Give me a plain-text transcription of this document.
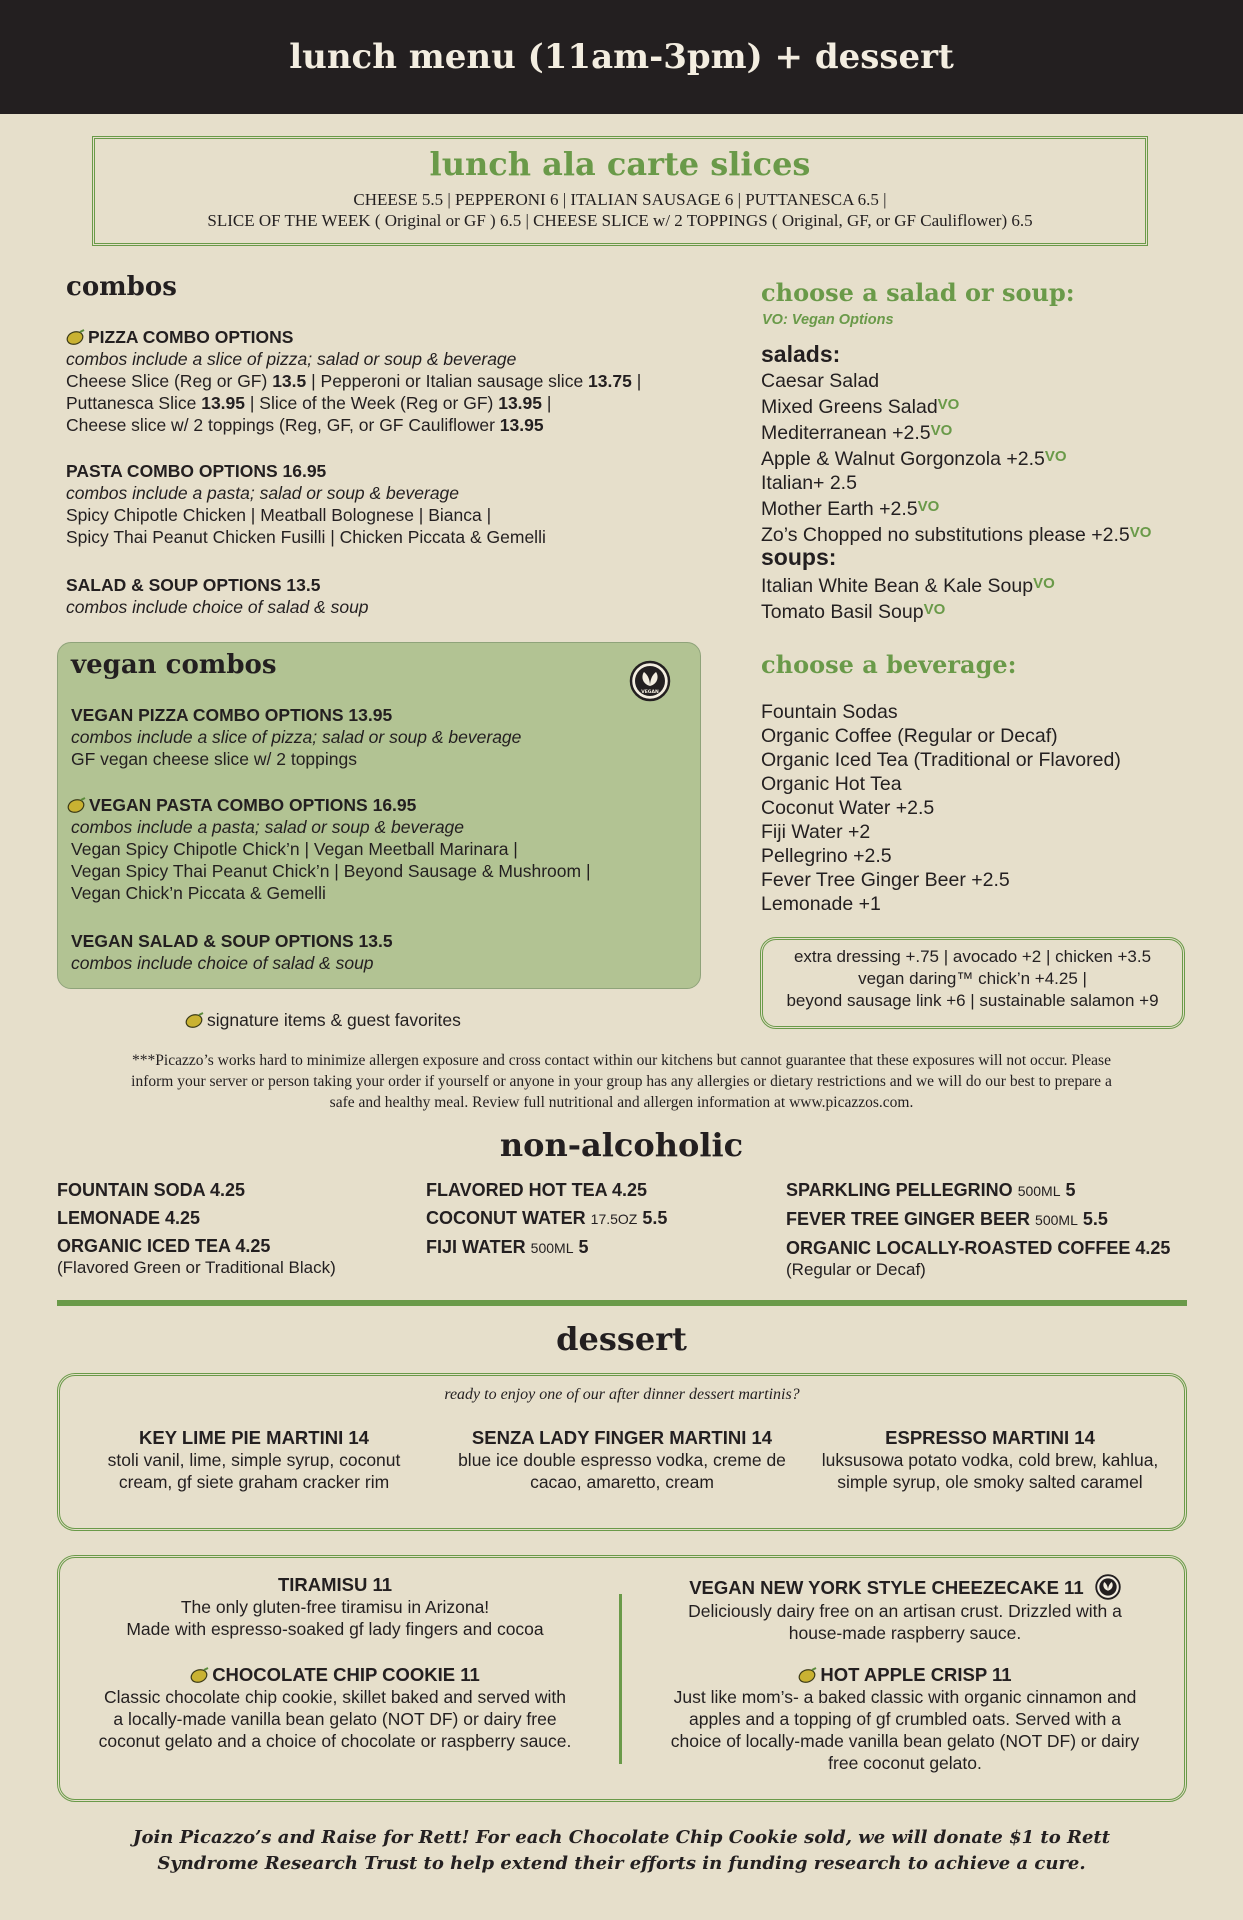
lunch menu (11am-3pm) + dessert
lunch ala carte slices
CHEESE 5.5 | PEPPERONI 6 | ITALIAN SAUSAGE 6 | PUTTANESCA 6.5 |
SLICE OF THE WEEK ( Original or GF ) 6.5 | CHEESE SLICE w/ 2 TOPPINGS ( Original, GF, or GF Cauliflower) 6.5
combos
PIZZA COMBO OPTIONS
combos include a slice of pizza; salad or soup & beverage
Cheese Slice (Reg or GF) 13.5 | Pepperoni or Italian sausage slice 13.75 |
Puttanesca Slice 13.95 | Slice of the Week (Reg or GF) 13.95 |
Cheese slice w/ 2 toppings (Reg, GF, or GF Cauliflower 13.95
PASTA COMBO OPTIONS 16.95
combos include a pasta; salad or soup & beverage
Spicy Chipotle Chicken | Meatball Bolognese | Bianca |
Spicy Thai Peanut Chicken Fusilli | Chicken Piccata & Gemelli
SALAD & SOUP OPTIONS 13.5
combos include choice of salad & soup
vegan combos
VEGAN
VEGAN PIZZA COMBO OPTIONS 13.95
combos include a slice of pizza; salad or soup & beverage
GF vegan cheese slice w/ 2 toppings
VEGAN PASTA COMBO OPTIONS 16.95
combos include a pasta; salad or soup & beverage
Vegan Spicy Chipotle Chick’n | Vegan Meetball Marinara |
Vegan Spicy Thai Peanut Chick’n | Beyond Sausage & Mushroom |
Vegan Chick’n Piccata & Gemelli
VEGAN SALAD & SOUP OPTIONS 13.5
combos include choice of salad & soup
signature items & guest favorites
choose a salad or soup:
VO: Vegan Options
salads:
Caesar Salad
Mixed Greens Salad$^{VO}$
Mediterranean $+2.5^{VO}$
Apple & Walnut Gorgonzola $+2.5^{VO}$
Italian+ 2.5
Mother Earth $+2.5^{VO}$
Zo’s Chopped no substitutions please $+2.5^{VO}$
soups:
Italian White Bean & Kale Soup$^{VO}$
Tomato Basil Soup$^{VO}$
choose a beverage:
Fountain Sodas
Organic Coffee (Regular or Decaf)
Organic Iced Tea (Traditional or Flavored)
Organic Hot Tea
Coconut Water +2.5
Fiji Water +2
Pellegrino +2.5
Fever Tree Ginger Beer +2.5
Lemonade +1
extra dressing +.75 | avocado +2 | chicken +3.5
vegan daring™ chick’n +4.25 |
beyond sausage link +6 | sustainable salamon +9
***Picazzo’s works hard to minimize allergen exposure and cross contact within our kitchens but cannot guarantee that these exposures will not occur. Please
inform your server or person taking your order if yourself or anyone in your group has any allergies or dietary restrictions and we will do our best to prepare a
safe and healthy meal. Review full nutritional and allergen information at www.picazzos.com.
non-alcoholic
FOUNTAIN SODA 4.25
LEMONADE 4.25
ORGANIC ICED TEA 4.25
(Flavored Green or Traditional Black)
FLAVORED HOT TEA 4.25
COCONUT WATER 17.5OZ 5.5
FIJI WATER 500ML 5
SPARKLING PELLEGRINO 500ML 5
FEVER TREE GINGER BEER 500ML 5.5
ORGANIC LOCALLY-ROASTED COFFEE 4.25
(Regular or Decaf)
dessert
ready to enjoy one of our after dinner dessert martinis?
KEY LIME PIE MARTINI 14
stoli vanil, lime, simple syrup, coconut
cream, gf siete graham cracker rim
SENZA LADY FINGER MARTINI 14
blue ice double espresso vodka, creme de
cacao, amaretto, cream
ESPRESSO MARTINI 14
luksusowa potato vodka, cold brew, kahlua,
simple syrup, ole smoky salted caramel
TIRAMISU 11
The only gluten-free tiramisu in Arizona!
Made with espresso-soaked gf lady fingers and cocoa
CHOCOLATE CHIP COOKIE 11
Classic chocolate chip cookie, skillet baked and served with
a locally-made vanilla bean gelato (NOT DF) or dairy free
coconut gelato and a choice of chocolate or raspberry sauce.
VEGAN NEW YORK STYLE CHEEZECAKE 11
Deliciously dairy free on an artisan crust. Drizzled with a
house-made raspberry sauce.
HOT APPLE CRISP 11
Just like mom’s- a baked classic with organic cinnamon and
apples and a topping of gf crumbled oats. Served with a
choice of locally-made vanilla bean gelato (NOT DF) or dairy
free coconut gelato.
Join Picazzo’s and Raise for Rett! For each Chocolate Chip Cookie sold, we will donate $1 to Rett
Syndrome Research Trust to help extend their efforts in funding research to achieve a cure.
